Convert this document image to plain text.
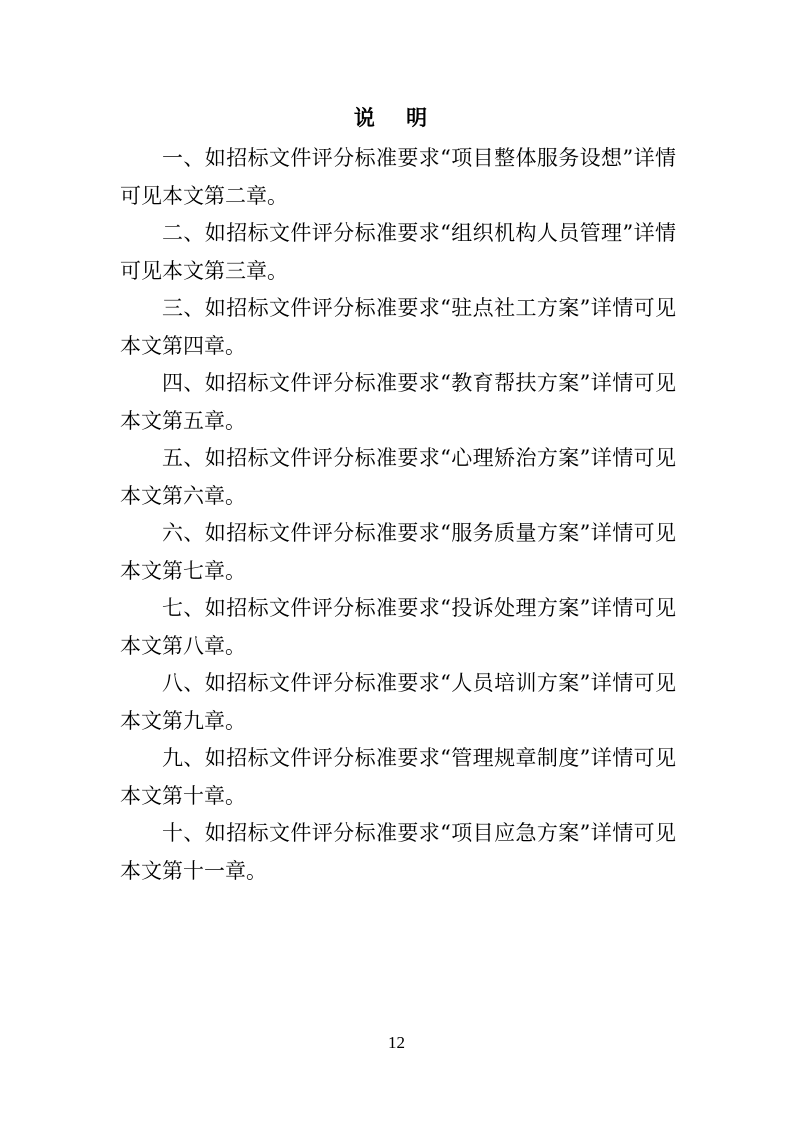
说 明

一、如招标文件评分标准要求“项目整体服务设想”详情可见本文第二章。

二、如招标文件评分标准要求“组织机构人员管理”详情可见本文第三章。

三、如招标文件评分标准要求“驻点社工方案”详情可见本文第四章。

四、如招标文件评分标准要求“教育帮扶方案”详情可见本文第五章。

五、如招标文件评分标准要求“心理矫治方案”详情可见本文第六章。

六、如招标文件评分标准要求“服务质量方案”详情可见本文第七章。

七、如招标文件评分标准要求“投诉处理方案”详情可见本文第八章。

八、如招标文件评分标准要求“人员培训方案”详情可见本文第九章。

九、如招标文件评分标准要求“管理规章制度”详情可见本文第十章。

十、如招标文件评分标准要求“项目应急方案”详情可见本文第十一章。

12
